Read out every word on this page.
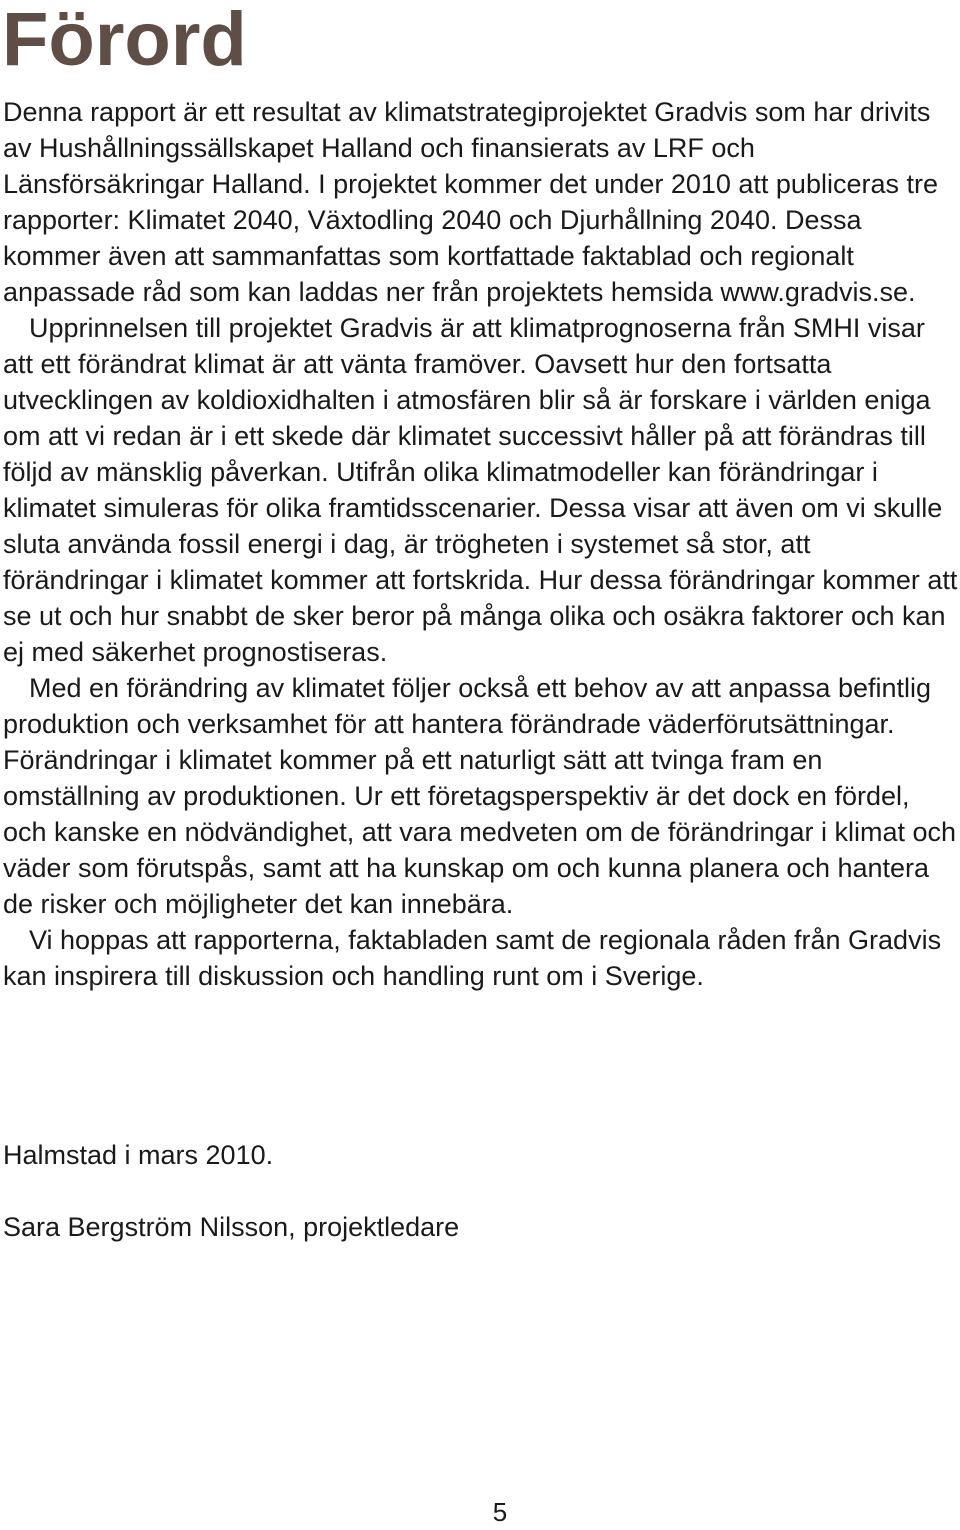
Förord

Denna rapport är ett resultat av klimatstrategiprojektet Gradvis som har drivits av Hushållningssällskapet Halland och finansierats av LRF och Länsförsäkringar Halland. I projektet kommer det under 2010 att publiceras tre rapporter: Klimatet 2040, Växtodling 2040 och Djurhållning 2040. Dessa kommer även att sammanfattas som kortfattade faktablad och regionalt anpassade råd som kan laddas ner från projektets hemsida www.gradvis.se.

Upprinnelsen till projektet Gradvis är att klimatprognoserna från SMHI visar att ett förändrat klimat är att vänta framöver. Oavsett hur den fortsatta utvecklingen av koldioxidhalten i atmosfären blir så är forskare i världen eniga om att vi redan är i ett skede där klimatet successivt håller på att förändras till följd av mänsklig påverkan. Utifrån olika klimatmodeller kan förändringar i klimatet simuleras för olika framtidsscenarier. Dessa visar att även om vi skulle sluta använda fossil energi i dag, är trögheten i systemet så stor, att förändringar i klimatet kommer att fortskrida. Hur dessa förändringar kommer att se ut och hur snabbt de sker beror på många olika och osäkra faktorer och kan ej med säkerhet prognostiseras.

Med en förändring av klimatet följer också ett behov av att anpassa befintlig produktion och verksamhet för att hantera förändrade väderförutsättningar. Förändringar i klimatet kommer på ett naturligt sätt att tvinga fram en omställning av produktionen. Ur ett företagsperspektiv är det dock en fördel, och kanske en nödvändighet, att vara medveten om de förändringar i klimat och väder som förutspås, samt att ha kunskap om och kunna planera och hantera de risker och möjligheter det kan innebära.

Vi hoppas att rapporterna, faktabladen samt de regionala råden från Gradvis kan inspirera till diskussion och handling runt om i Sverige.

Halmstad i mars 2010.

Sara Bergström Nilsson, projektledare

5
